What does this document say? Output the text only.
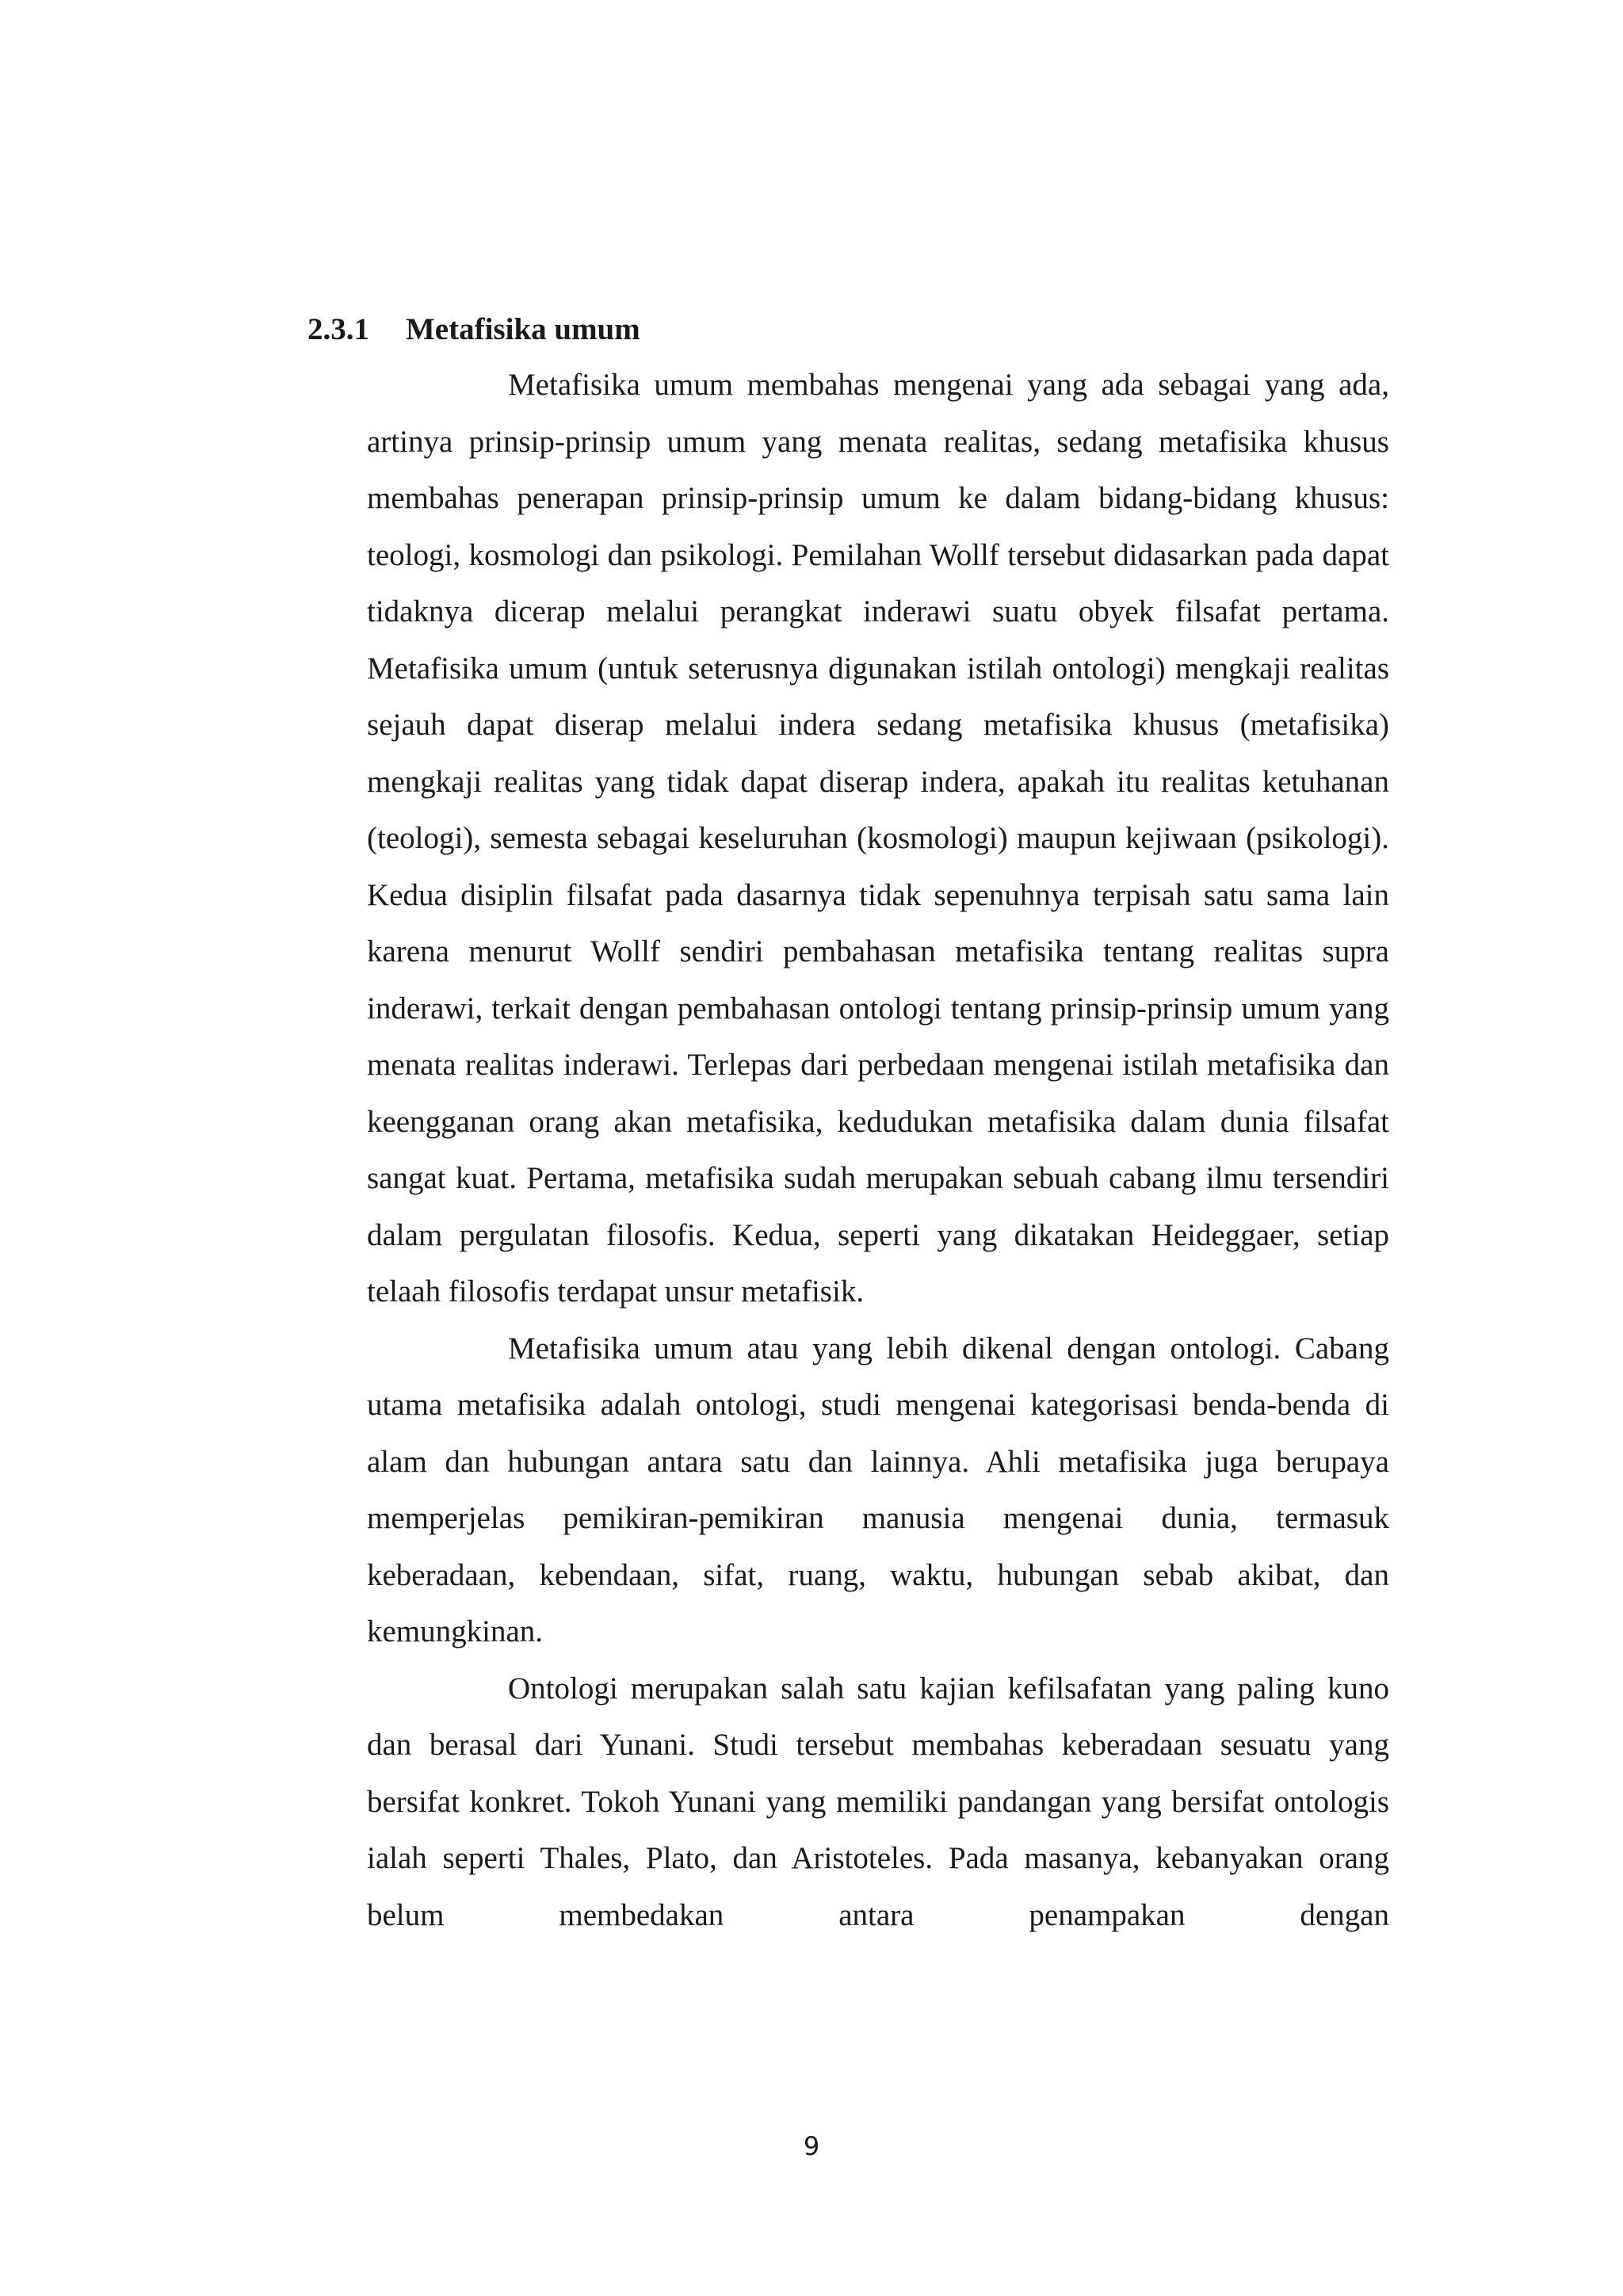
2.3.1 Metafisika umum

Metafisika umum membahas mengenai yang ada sebagai yang ada, artinya prinsip-prinsip umum yang menata realitas, sedang metafisika khusus membahas penerapan prinsip-prinsip umum ke dalam bidang-bidang khusus: teologi, kosmologi dan psikologi. Pemilahan Wollf tersebut didasarkan pada dapat tidaknya dicerap melalui perangkat inderawi suatu obyek filsafat pertama. Metafisika umum (untuk seterusnya digunakan istilah ontologi) mengkaji realitas sejauh dapat diserap melalui indera sedang metafisika khusus (metafisika) mengkaji realitas yang tidak dapat diserap indera, apakah itu realitas ketuhanan (teologi), semesta sebagai keseluruhan (kosmologi) maupun kejiwaan (psikologi). Kedua disiplin filsafat pada dasarnya tidak sepenuhnya terpisah satu sama lain karena menurut Wollf sendiri pembahasan metafisika tentang realitas supra inderawi, terkait dengan pembahasan ontologi tentang prinsip-prinsip umum yang menata realitas inderawi. Terlepas dari perbedaan mengenai istilah metafisika dan keengganan orang akan metafisika, kedudukan metafisika dalam dunia filsafat sangat kuat. Pertama, metafisika sudah merupakan sebuah cabang ilmu tersendiri dalam pergulatan filosofis. Kedua, seperti yang dikatakan Heideggaer, setiap telaah filosofis terdapat unsur metafisik.

Metafisika umum atau yang lebih dikenal dengan ontologi. Cabang utama metafisika adalah ontologi, studi mengenai kategorisasi benda-benda di alam dan hubungan antara satu dan lainnya. Ahli metafisika juga berupaya memperjelas pemikiran-pemikiran manusia mengenai dunia, termasuk keberadaan, kebendaan, sifat, ruang, waktu, hubungan sebab akibat, dan kemungkinan.

Ontologi merupakan salah satu kajian kefilsafatan yang paling kuno dan berasal dari Yunani. Studi tersebut membahas keberadaan sesuatu yang bersifat konkret. Tokoh Yunani yang memiliki pandangan yang bersifat ontologis ialah seperti Thales, Plato, dan Aristoteles. Pada masanya, kebanyakan orang belum membedakan antara penampakan dengan

9
